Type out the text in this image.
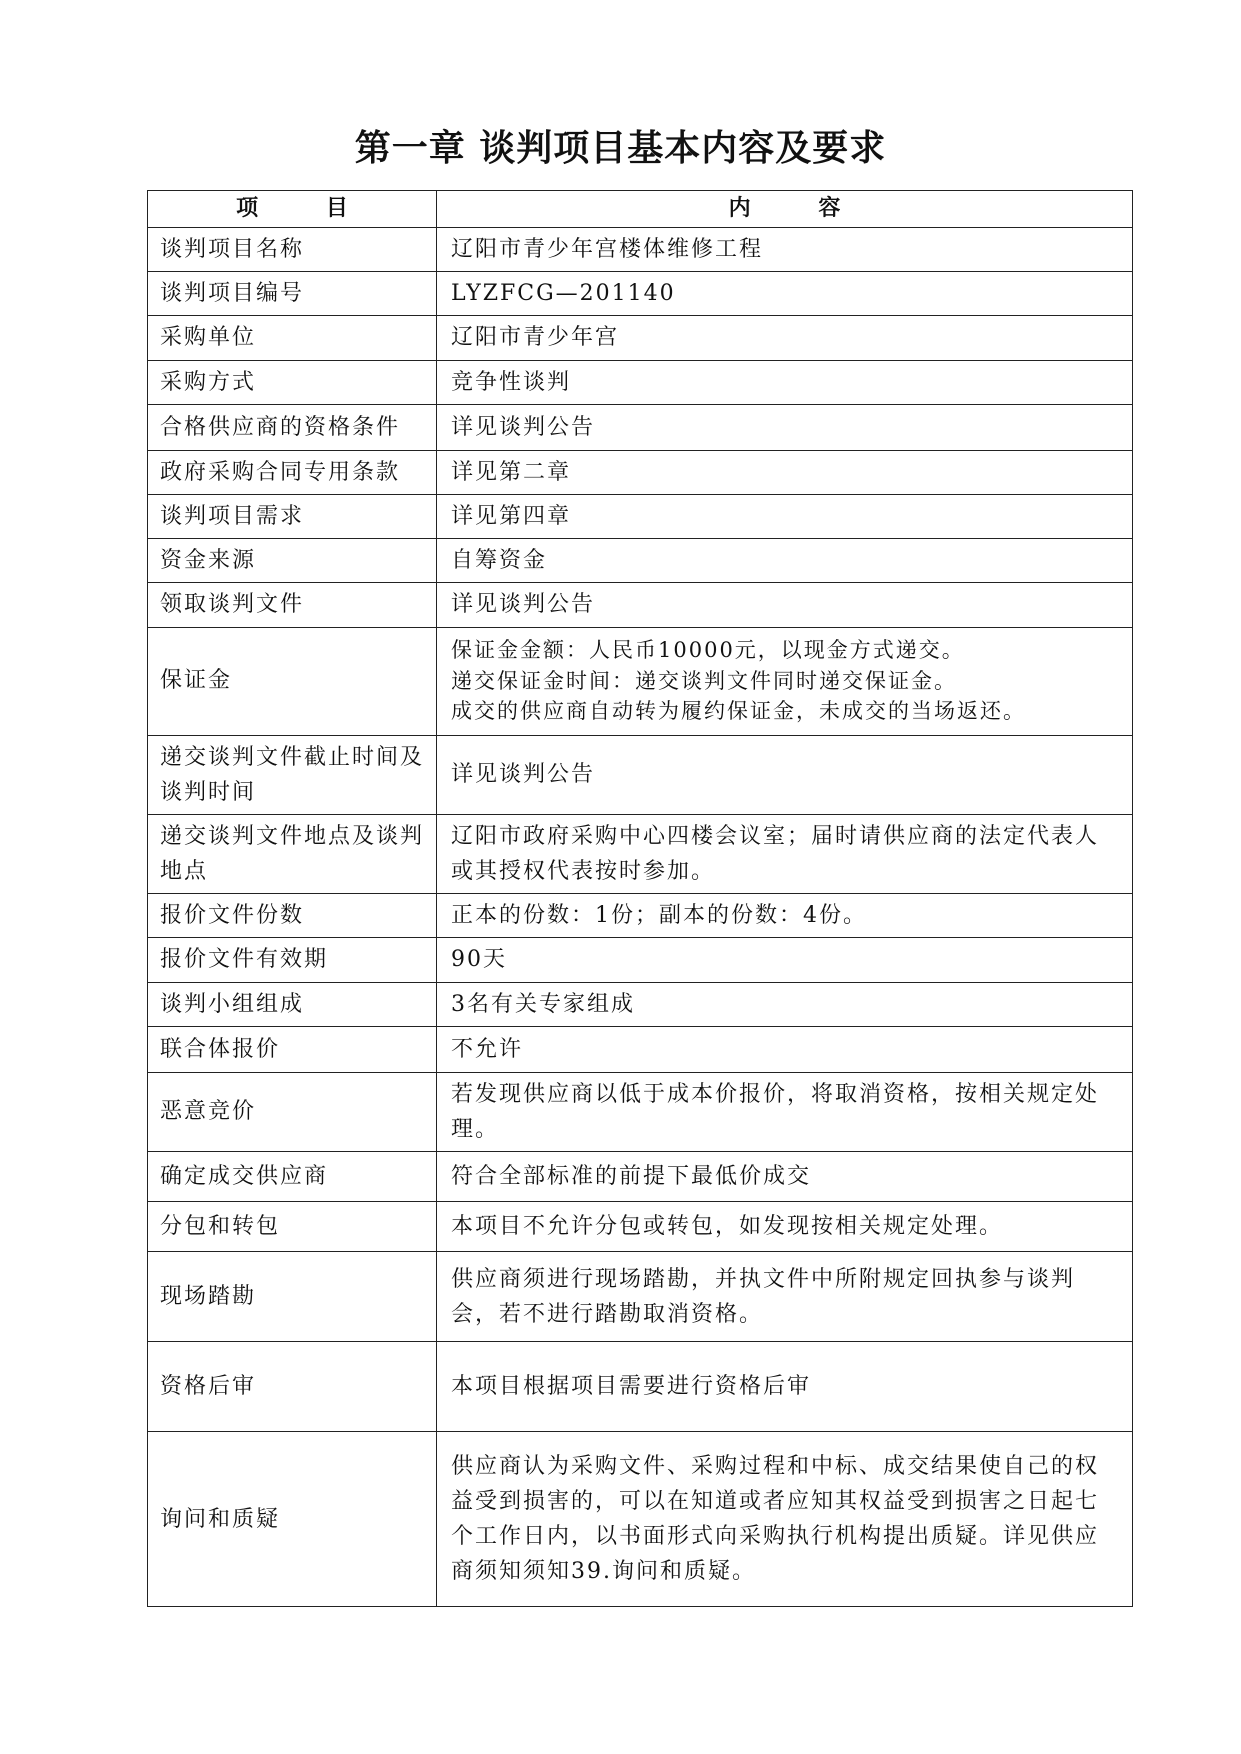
第一章 谈判项目基本内容及要求
项 目	内 容
谈判项目名称	辽阳市青少年宫楼体维修工程

谈判项目编号	LYZFCG—201140

采购单位	辽阳市青少年宫

采购方式	竞争性谈判

合格供应商的资格条件	详见谈判公告

政府采购合同专用条款	详见第二章

谈判项目需求	详见第四章

资金来源	自筹资金

领取谈判文件	详见谈判公告

保证金	保证金金额：人民币10000元，以现金方式递交。
递交保证金时间：递交谈判文件同时递交保证金。
成交的供应商自动转为履约保证金，未成交的当场返还。

递交谈判文件截止时间及谈判时间	详见谈判公告

递交谈判文件地点及谈判地点	辽阳市政府采购中心四楼会议室；届时请供应商的法定代表人或其授权代表按时参加。

报价文件份数	正本的份数：1份；副本的份数：4份。

报价文件有效期	90天

谈判小组组成	3名有关专家组成

联合体报价	不允许

恶意竞价	若发现供应商以低于成本价报价，将取消资格，按相关规定处理。

确定成交供应商	符合全部标准的前提下最低价成交

分包和转包	本项目不允许分包或转包，如发现按相关规定处理。

现场踏勘	供应商须进行现场踏勘，并执文件中所附规定回执参与谈判会，若不进行踏勘取消资格。

资格后审	本项目根据项目需要进行资格后审

询问和质疑	供应商认为采购文件、采购过程和中标、成交结果使自己的权益受到损害的，可以在知道或者应知其权益受到损害之日起七个工作日内，以书面形式向采购执行机构提出质疑。详见供应商须知须知39.询问和质疑。
